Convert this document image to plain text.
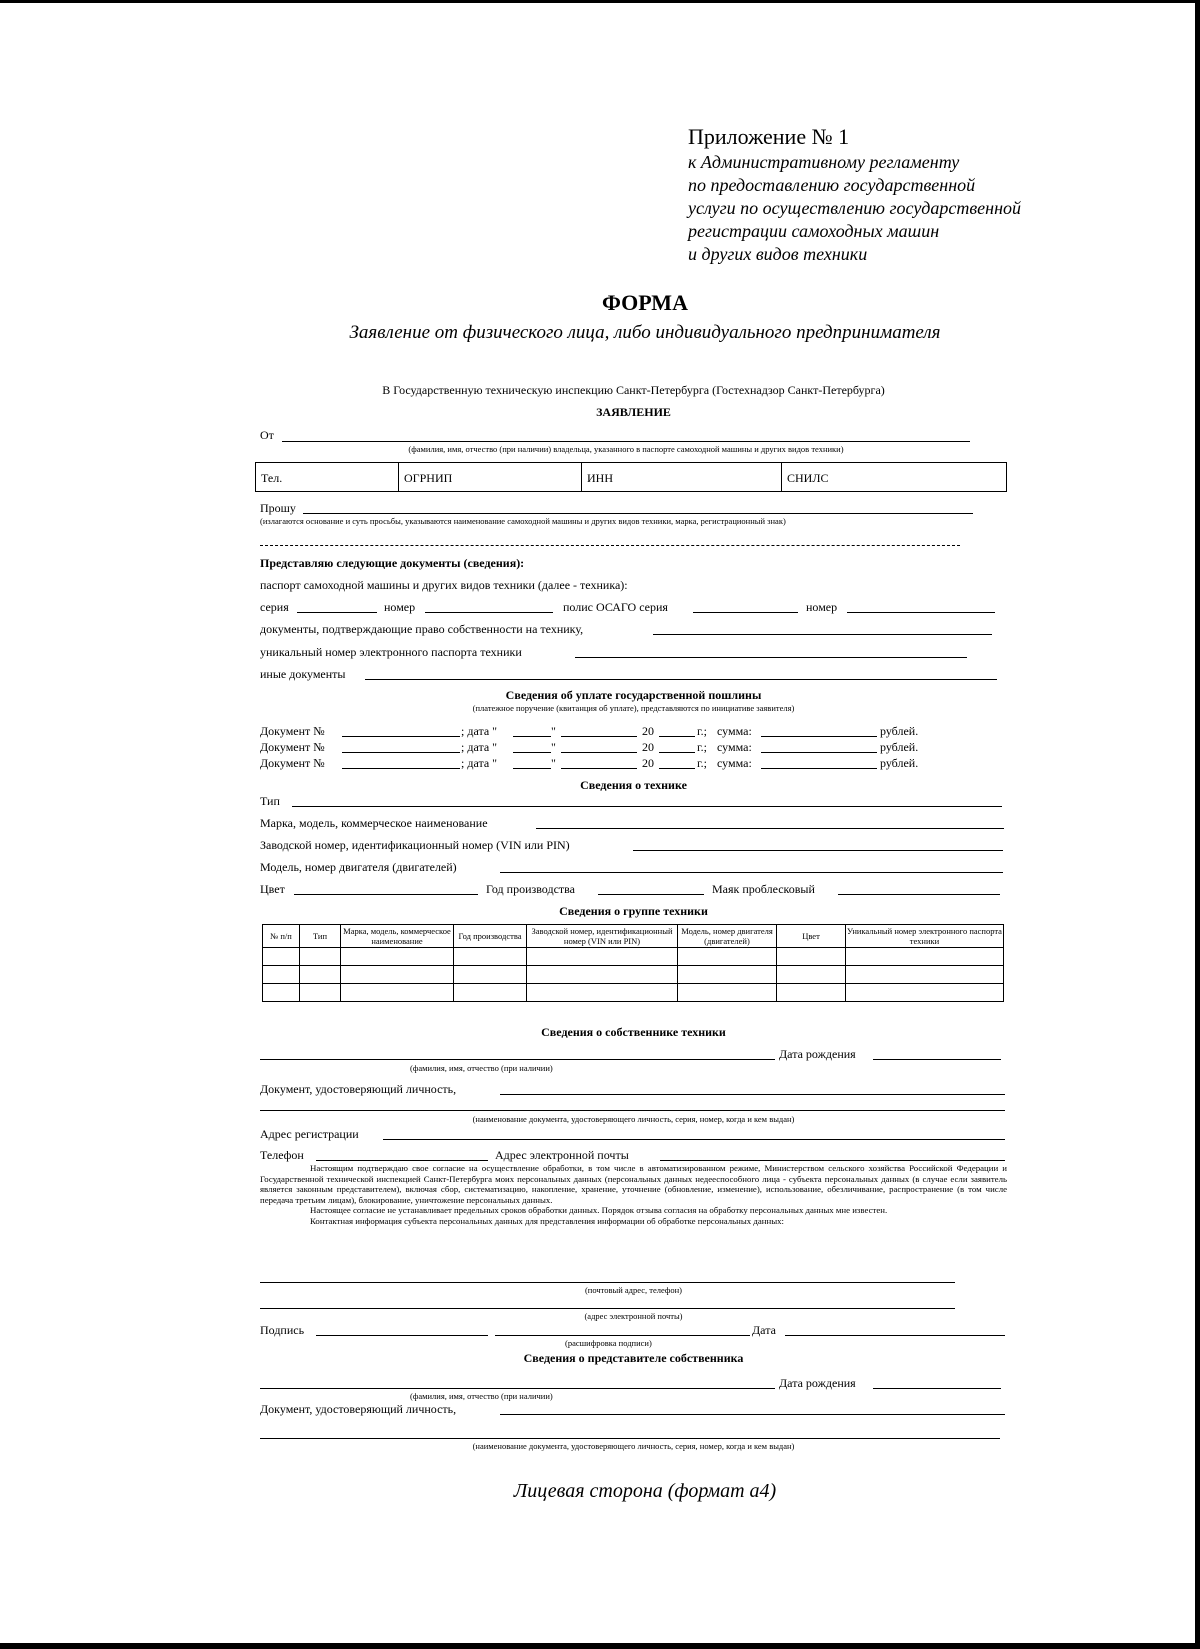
Приложение № 1
к Административному регламенту
по предоставлению государственной
услуги по осуществлению государственной
регистрации самоходных машин
и других видов техники
ФОРМА
Заявление от физического лица, либо индивидуального предпринимателя
В Государственную техническую инспекцию Санкт-Петербурга (Гостехнадзор Санкт-Петербурга)
ЗАЯВЛЕНИЕ
От
(фамилия, имя, отчество (при наличии) владельца, указанного в паспорте самоходной машины и других видов техники)
Тел.	ОГРНИП	ИНН	СНИЛС
Прошу
(излагаются основание и суть просьбы, указываются наименование самоходной машины и других видов техники, марка, регистрационный знак)
Представляю следующие документы (сведения):
паспорт самоходной машины и других видов техники (далее - техника):
серия	номер	полис ОСАГО серия	номер
документы, подтверждающие право собственности на технику,
уникальный номер электронного паспорта техники
иные документы
Сведения об уплате государственной пошлины
(платежное поручение (квитанция об уплате), представляются по инициативе заявителя)
Документ №	; дата "	"	20	г.; сумма:	рублей.
Документ №	; дата "	"	20	г.; сумма:	рублей.
Документ №	; дата "	"	20	г.; сумма:	рублей.
Сведения о технике
Тип
Марка, модель, коммерческое наименование
Заводской номер, идентификационный номер (VIN или PIN)
Модель, номер двигателя (двигателей)
Цвет	Год производства	Маяк проблесковый
Сведения о группе техники
№ п/п	Тип	Марка, модель, коммерческое наименование	Год производства	Заводской номер, идентификационный номер (VIN или PIN)	Модель, номер двигателя (двигателей)	Цвет	Уникальный номер электронного паспорта техники

Сведения о собственнике техники
Дата рождения
(фамилия, имя, отчество (при наличии)
Документ, удостоверяющий личность,
(наименование документа, удостоверяющего личность, серия, номер, когда и кем выдан)
Адрес регистрации
Телефон	Адрес электронной почты

Настоящим подтверждаю свое согласие на осуществление обработки, в том числе в автоматизированном режиме, Министерством сельского хозяйства Российской Федерации и Государственной технической инспекцией Санкт-Петербурга моих персональных данных (персональных данных недееспособного лица - субъекта персональных данных (в случае если заявитель является законным представителем), включая сбор, систематизацию, накопление, хранение, уточнение (обновление, изменение), использование, обезличивание, распространение (в том числе передача третьим лицам), блокирование, уничтожение персональных данных.

Настоящее согласие не устанавливает предельных сроков обработки данных. Порядок отзыва согласия на обработку персональных данных мне известен.

Контактная информация субъекта персональных данных для представления информации об обработке персональных данных:

(почтовый адрес, телефон)
(адрес электронной почты)
Подпись	Дата
(расшифровка подписи)
Сведения о представителе собственника
Дата рождения
(фамилия, имя, отчество (при наличии)
Документ, удостоверяющий личность,
(наименование документа, удостоверяющего личность, серия, номер, когда и кем выдан)
Лицевая сторона (формат а4)
